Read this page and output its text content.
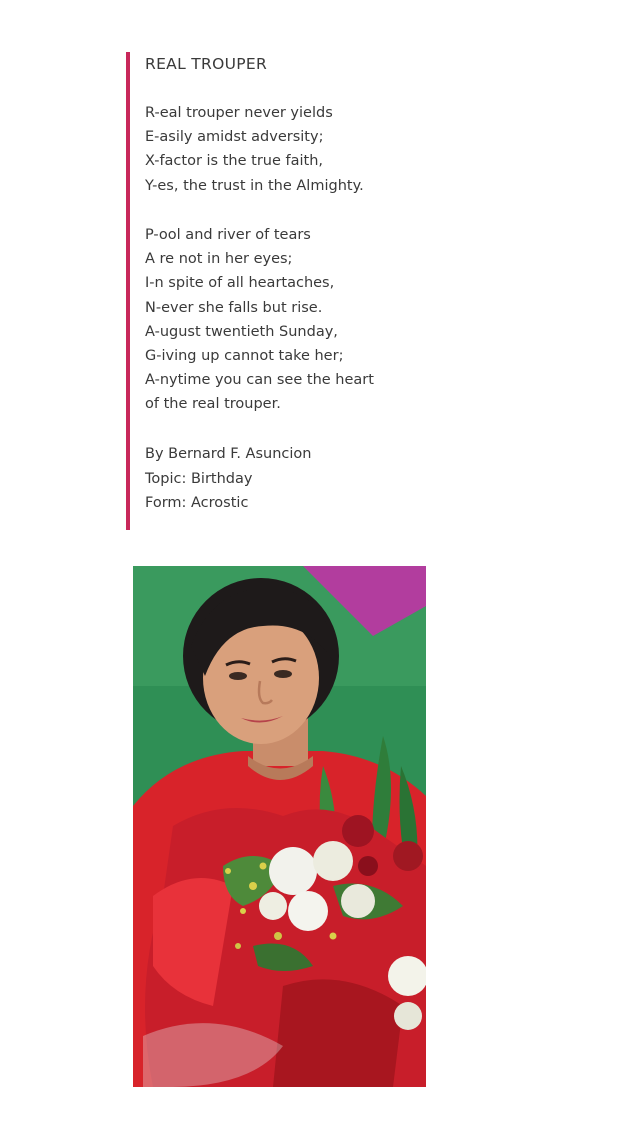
REAL TROUPER
R-eal trouper never yields
E-asily amidst adversity;
X-factor is the true faith,
Y-es, the trust in the Almighty.
P-ool and river of tears
A re not in her eyes;
I-n spite of all heartaches,
N-ever she falls but rise.
A-ugust twentieth Sunday,
G-iving up cannot take her;
A-nytime you can see the heart
of the real trouper.
By Bernard F. Asuncion
Topic: Birthday
Form: Acrostic
